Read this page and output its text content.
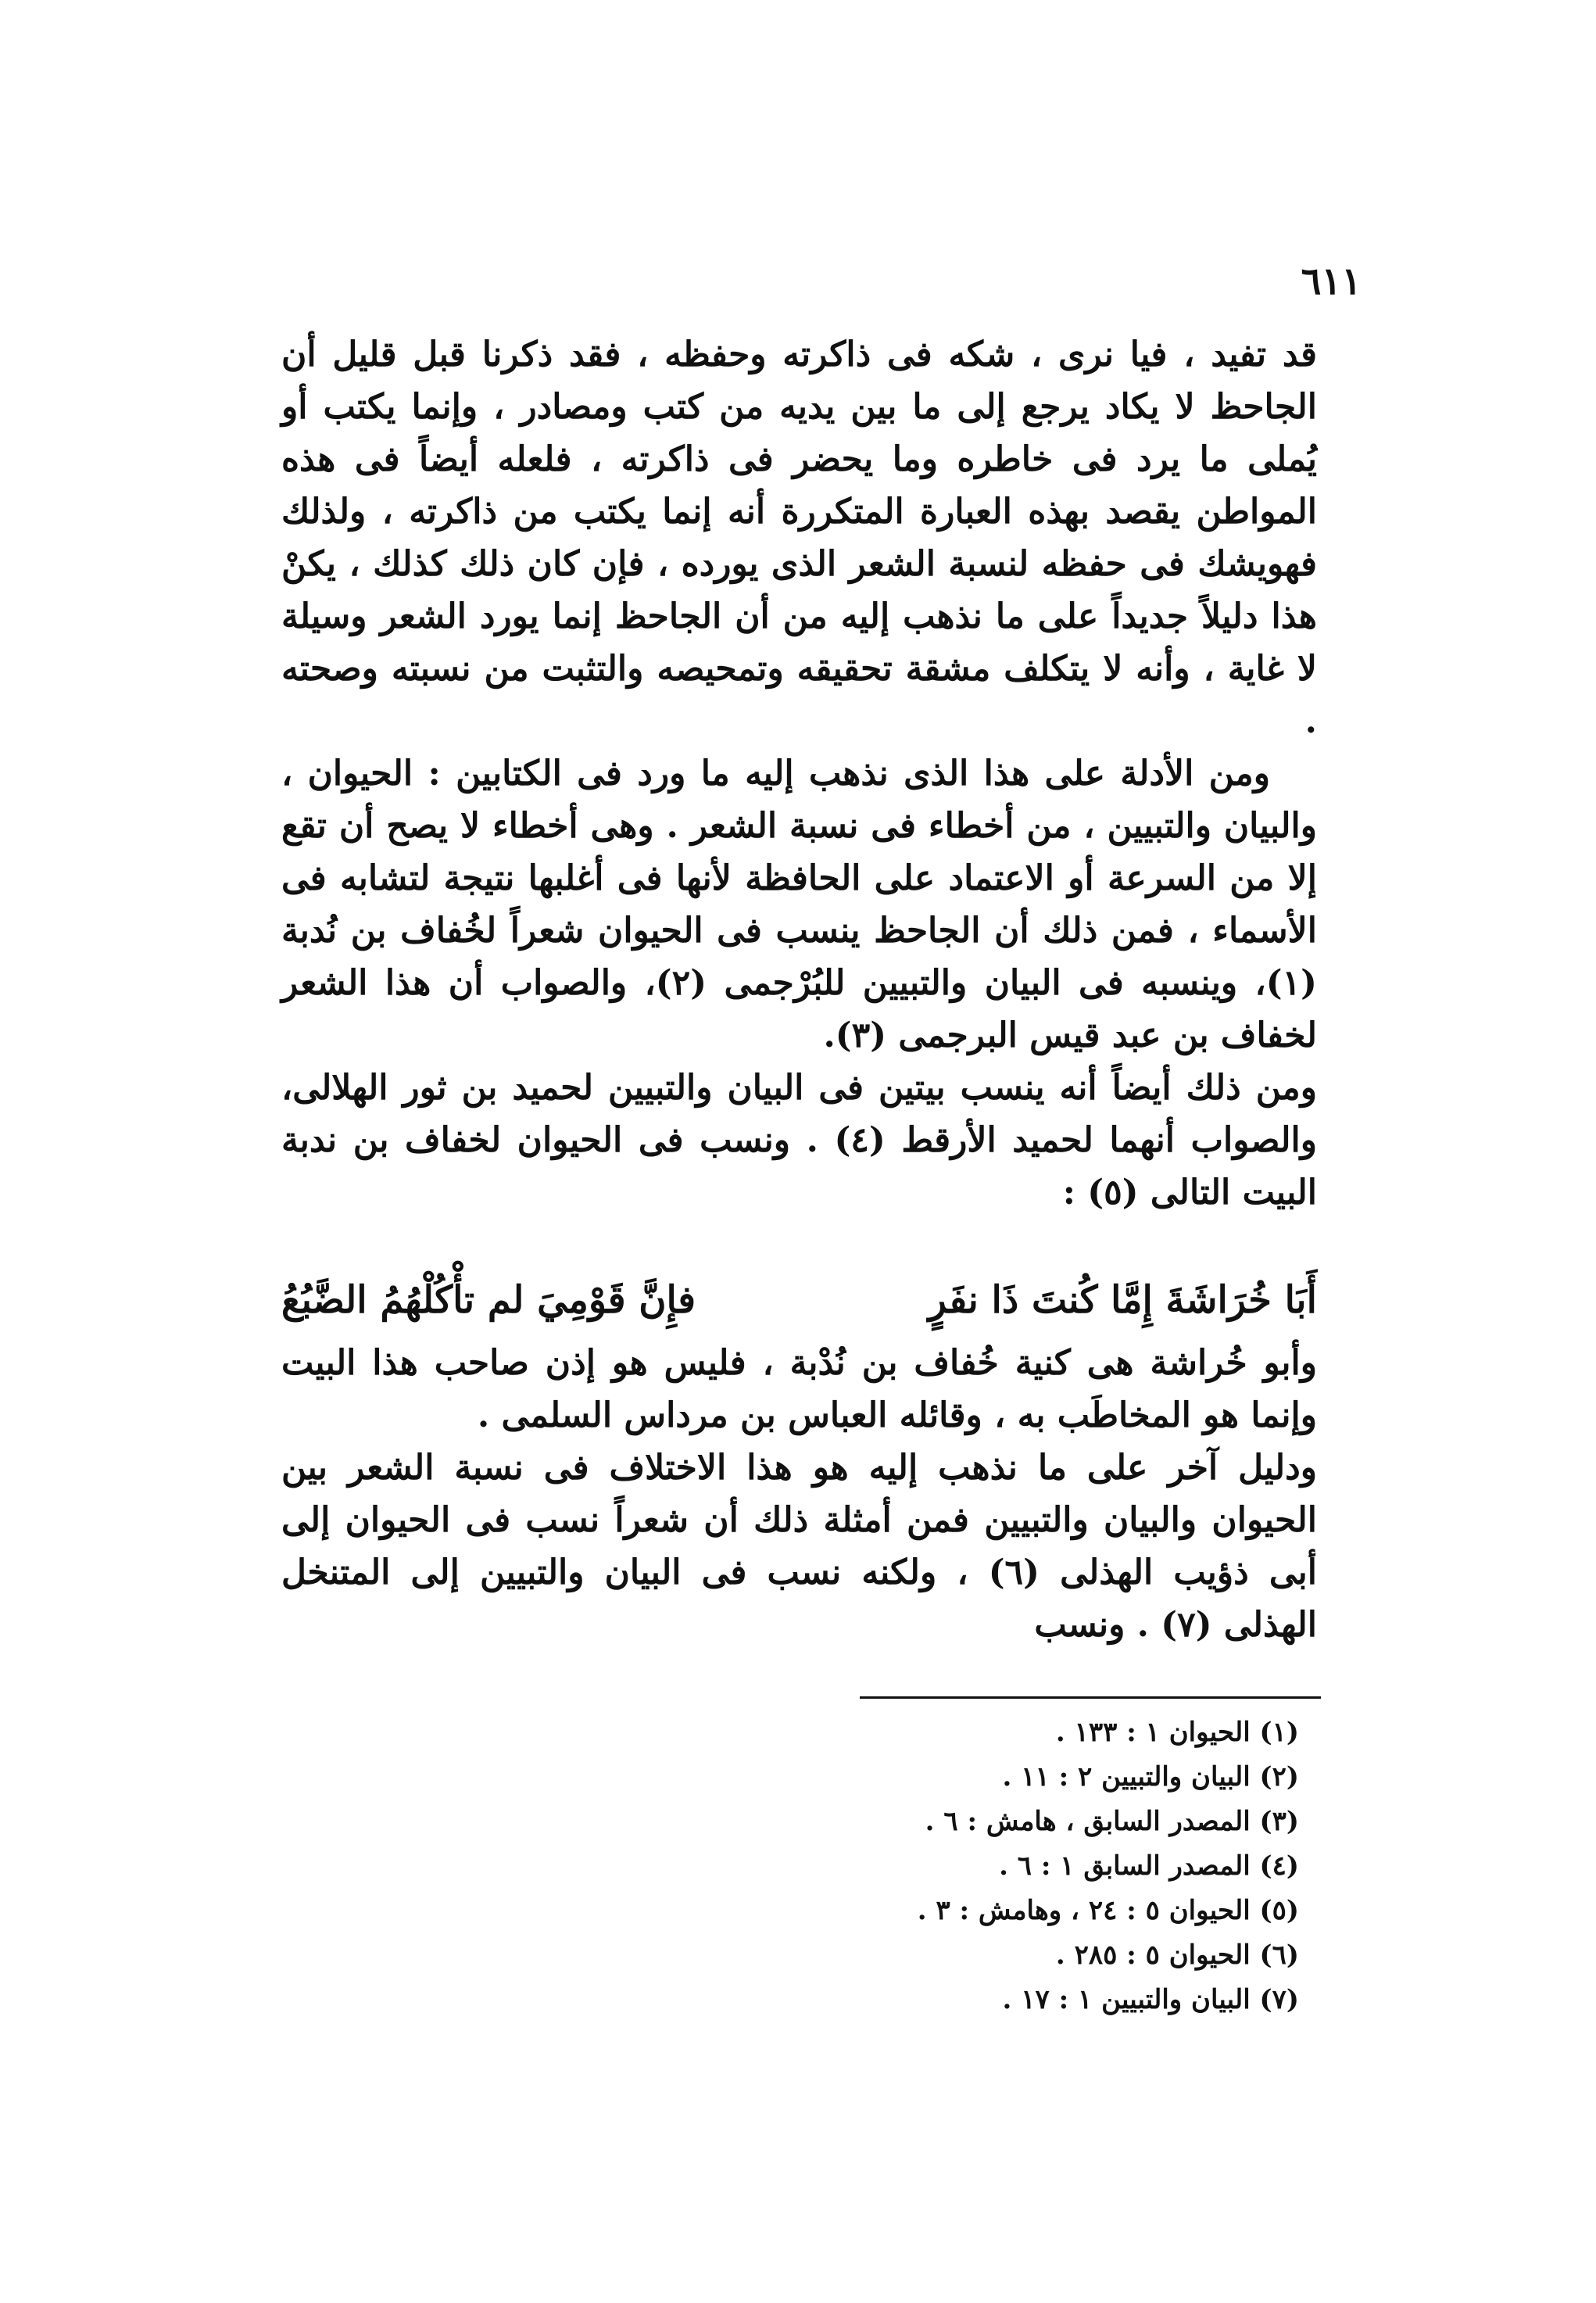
٦١١

قد تفيد ، فيا نرى ، شكه فى ذاكرته وحفظه ، فقد ذكرنا قبل قليل أن الجاحظ لا يكاد يرجع إلى ما بين يديه من كتب ومصادر ، وإنما يكتب أو يُملى ما يرد فى خاطره وما يحضر فى ذاكرته ، فلعله أيضاً فى هذه المواطن يقصد بهذه العبارة المتكررة أنه إنما يكتب من ذاكرته ، ولذلك فهويشك فى حفظه لنسبة الشعر الذى يورده ، فإن كان ذلك كذلك ، يكنْ هذا دليلاً جديداً على ما نذهب إليه من أن الجاحظ إنما يورد الشعر وسيلة لا غاية ، وأنه لا يتكلف مشقة تحقيقه وتمحيصه والتثبت من نسبته وصحته .

ومن الأدلة على هذا الذى نذهب إليه ما ورد فى الكتابين : الحيوان ، والبيان والتبيين ، من أخطاء فى نسبة الشعر . وهى أخطاء لا يصح أن تقع إلا من السرعة أو الاعتماد على الحافظة لأنها فى أغلبها نتيجة لتشابه فى الأسماء ، فمن ذلك أن الجاحظ ينسب فى الحيوان شعراً لخُفاف بن نُدبة (١)، وينسبه فى البيان والتبيين للبُرْجمى (٢)، والصواب أن هذا الشعر لخفاف بن عبد قيس البرجمى (٣).

ومن ذلك أيضاً أنه ينسب بيتين فى البيان والتبيين لحميد بن ثور الهلالى، والصواب أنهما لحميد الأرقط (٤) . ونسب فى الحيوان لخفاف بن ندبة البيت التالى (٥) :

أَبَا خُرَاشَةَ إِمَّا كُنتَ ذَا نفَرٍ
فإِنَّ قَوْمِيَ لم تأْكُلْهُمُ الضَّبُعُ

وأبو خُراشة هى كنية خُفاف بن نُدْبة ، فليس هو إذن صاحب هذا البيت وإنما هو المخاطَب به ، وقائله العباس بن مرداس السلمى .

ودليل آخر على ما نذهب إليه هو هذا الاختلاف فى نسبة الشعر بين الحيوان والبيان والتبيين فمن أمثلة ذلك أن شعراً نسب فى الحيوان إلى أبى ذؤيب الهذلى (٦) ، ولكنه نسب فى البيان والتبيين إلى المتنخل الهذلى (٧) . ونسب

(١) الحيوان ١ : ١٣٣ .
(٢) البيان والتبيين ٢ : ١١ .
(٣) المصدر السابق ، هامش : ٦ .
(٤) المصدر السابق ١ : ٦ .
(٥) الحيوان ٥ : ٢٤ ، وهامش : ٣ .
(٦) الحيوان ٥ : ٢٨٥ .
(٧) البيان والتبيين ١ : ١٧ .
